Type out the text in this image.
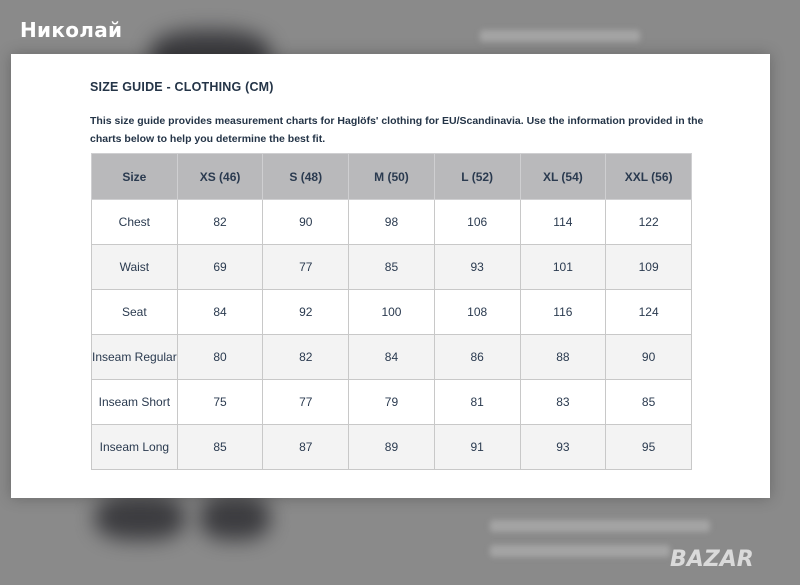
Николай
SIZE GUIDE - CLOTHING (CM)
This size guide provides measurement charts for Haglöfs' clothing for EU/Scandinavia. Use the information provided in the charts below to help you determine the best fit.
Size	XS (46)	S (48)	M (50)	L (52)	XL (54)	XXL (56)
Chest	82	90	98	106	114	122
Waist	69	77	85	93	101	109
Seat	84	92	100	108	116	124
Inseam Regular	80	82	84	86	88	90
Inseam Short	75	77	79	81	83	85
Inseam Long	85	87	89	91	93	95
BAZAR
